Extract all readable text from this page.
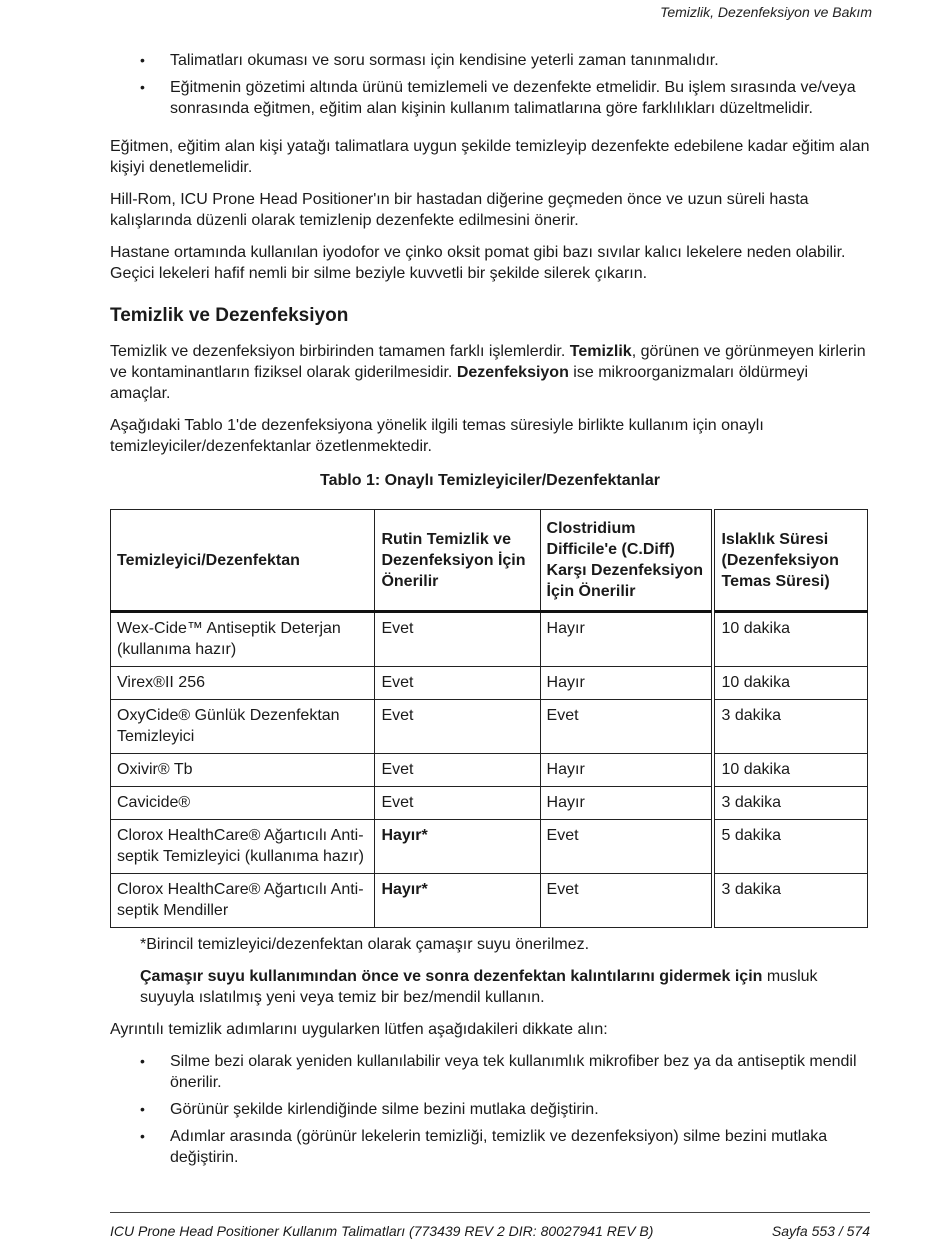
Temizlik, Dezenfeksiyon ve Bakım
• Talimatları okuması ve soru sorması için kendisine yeterli zaman tanınmalıdır.
• Eğitmenin gözetimi altında ürünü temizlemeli ve dezenfekte etmelidir. Bu işlem sırasında ve/veya sonrasında eğitmen, eğitim alan kişinin kullanım talimatlarına göre farklılıkları düzeltmelidir.

Eğitmen, eğitim alan kişi yatağı talimatlara uygun şekilde temizleyip dezenfekte edebilene kadar eğitim alan kişiyi denetlemelidir.

Hill-Rom, ICU Prone Head Positioner'ın bir hastadan diğerine geçmeden önce ve uzun süreli hasta kalışlarında düzenli olarak temizlenip dezenfekte edilmesini önerir.

Hastane ortamında kullanılan iyodofor ve çinko oksit pomat gibi bazı sıvılar kalıcı lekelere neden olabilir. Geçici lekeleri hafif nemli bir silme beziyle kuvvetli bir şekilde silerek çıkarın.

Temizlik ve Dezenfeksiyon

Temizlik ve dezenfeksiyon birbirinden tamamen farklı işlemlerdir. Temizlik, görünen ve görünmeyen kirlerin ve kontaminantların fiziksel olarak giderilmesidir. Dezenfeksiyon ise mikroorganizmaları öldürmeyi amaçlar.

Aşağıdaki Tablo 1'de dezenfeksiyona yönelik ilgili temas süresiyle birlikte kullanım için onaylı temizleyiciler/dezenfektanlar özetlenmektedir.

Tablo 1: Onaylı Temizleyiciler/Dezenfektanlar
Temizleyici/Dezenfektan	Rutin Temizlik ve Dezenfeksiyon İçin Önerilir	Clostridium Difficile'e (C.Diff) Karşı Dezenfeksiyon İçin Önerilir	Islaklık Süresi (Dezenfeksiyon Temas Süresi)
Wex-Cide™ Antiseptik Deterjan (kullanıma hazır)	Evet	Hayır	10 dakika
Virex®II 256	Evet	Hayır	10 dakika
OxyCide® Günlük Dezenfektan Temizleyici	Evet	Evet	3 dakika
Oxivir® Tb	Evet	Hayır	10 dakika
Cavicide®	Evet	Hayır	3 dakika
Clorox HealthCare® Ağartıcılı Anti-septik Temizleyici (kullanıma hazır)	Hayır*	Evet	5 dakika
Clorox HealthCare® Ağartıcılı Anti-septik Mendiller	Hayır*	Evet	3 dakika

*Birincil temizleyici/dezenfektan olarak çamaşır suyu önerilmez.

Çamaşır suyu kullanımından önce ve sonra dezenfektan kalıntılarını gidermek için musluk suyuyla ıslatılmış yeni veya temiz bir bez/mendil kullanın.

Ayrıntılı temizlik adımlarını uygularken lütfen aşağıdakileri dikkate alın:

• Silme bezi olarak yeniden kullanılabilir veya tek kullanımlık mikrofiber bez ya da antiseptik mendil önerilir.
• Görünür şekilde kirlendiğinde silme bezini mutlaka değiştirin.
• Adımlar arasında (görünür lekelerin temizliği, temizlik ve dezenfeksiyon) silme bezini mutlaka değiştirin.
ICU Prone Head Positioner Kullanım Talimatları (773439 REV 2 DIR: 80027941 REV B)	Sayfa 553 / 574
